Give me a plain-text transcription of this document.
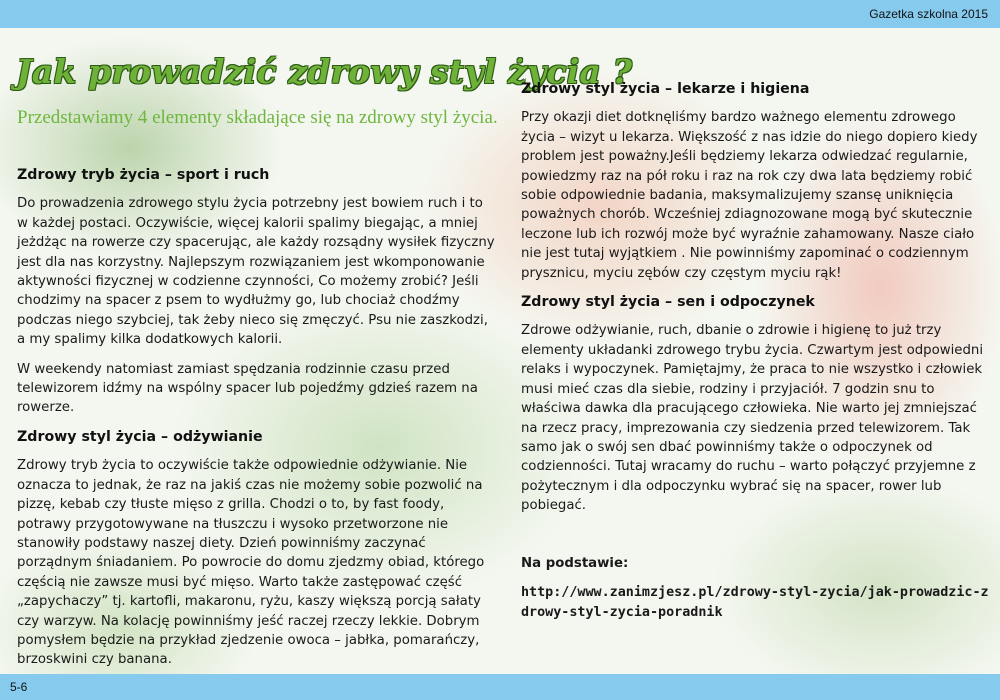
Gazetka szkolna 2015
Jak prowadzić zdrowy styl życia ?
Przedstawiamy 4 elementy składające się na zdrowy styl życia.
Zdrowy tryb życia – sport i ruch

Do prowadzenia zdrowego stylu życia potrzebny jest bowiem ruch i to w każdej postaci. Oczywiście, więcej kalorii spalimy biegając, a mniej jeżdżąc na rowerze czy spacerując, ale każdy rozsądny wysiłek fizyczny jest dla nas korzystny. Najlepszym rozwiązaniem jest wkomponowanie aktywności fizycznej w codzienne czynności, Co możemy zrobić? Jeśli chodzimy na spacer z psem to wydłużmy go, lub chociaż chodźmy podczas niego szybciej, tak żeby nieco się zmęczyć. Psu nie zaszkodzi, a my spalimy kilka dodatkowych kalorii.

W weekendy natomiast zamiast spędzania rodzinnie czasu przed telewizorem idźmy na wspólny spacer lub pojedźmy gdzieś razem na rowerze.

Zdrowy styl życia – odżywianie

Zdrowy tryb życia to oczywiście także odpowiednie odżywianie. Nie oznacza to jednak, że raz na jakiś czas nie możemy sobie pozwolić na pizzę, kebab czy tłuste mięso z grilla. Chodzi o to, by fast foody, potrawy przygotowywane na tłuszczu i wysoko przetworzone nie stanowiły podstawy naszej diety. Dzień powinniśmy zaczynać porządnym śniadaniem. Po powrocie do domu zjedzmy obiad, którego częścią nie zawsze musi być mięso. Warto także zastępować część „zapychaczy” tj. kartofli, makaronu, ryżu, kaszy większą porcją sałaty czy warzyw. Na kolację powinniśmy jeść raczej rzeczy lekkie. Dobrym pomysłem będzie na przykład zjedzenie owoca – jabłka, pomarańczy, brzoskwini czy banana.

Zdrowy styl życia – lekarze i higiena

Przy okazji diet dotknęliśmy bardzo ważnego elementu zdrowego życia – wizyt u lekarza. Większość z nas idzie do niego dopiero kiedy problem jest poważny.Jeśli będziemy lekarza odwiedzać regularnie, powiedzmy raz na pół roku i raz na rok czy dwa lata będziemy robić sobie odpowiednie badania, maksymalizujemy szansę uniknięcia poważnych chorób. Wcześniej zdiagnozowane mogą być skutecznie leczone lub ich rozwój może być wyraźnie zahamowany. Nasze ciało nie jest tutaj wyjątkiem . Nie powinniśmy zapominać o codziennym prysznicu, myciu zębów czy częstym myciu rąk!

Zdrowy styl życia – sen i odpoczynek

Zdrowe odżywianie, ruch, dbanie o zdrowie i higienę to już trzy elementy układanki zdrowego trybu życia. Czwartym jest odpowiedni relaks i wypoczynek. Pamiętajmy, że praca to nie wszystko i człowiek musi mieć czas dla siebie, rodziny i przyjaciół. 7 godzin snu to właściwa dawka dla pracującego człowieka. Nie warto jej zmniejszać na rzecz pracy, imprezowania czy siedzenia przed telewizorem. Tak samo jak o swój sen dbać powinniśmy także o odpoczynek od codzienności. Tutaj wracamy do ruchu – warto połączyć przyjemne z pożytecznym i dla odpoczynku wybrać się na spacer, rower lub pobiegać.

Na podstawie:
http://www.zanimzjesz.pl/zdrowy-styl-zycia/jak-prowadzic-zdrowy-styl-zycia-poradnik
5-6
